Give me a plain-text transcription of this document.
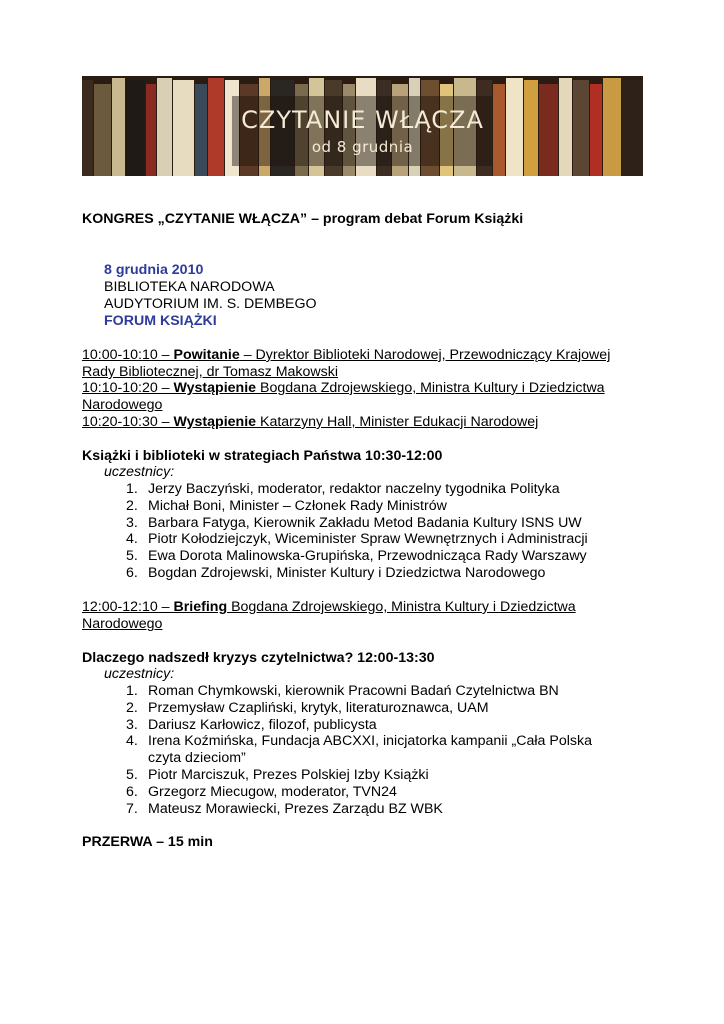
CZYTANIE WŁĄCZA
od 8 grudnia
KONGRES „CZYTANIE WŁĄCZA” – program debat Forum Książki
8 grudnia 2010
BIBLIOTEKA NARODOWA
AUDYTORIUM IM. S. DEMBEGO
FORUM KSIĄŻKI
10:00-10:10 – Powitanie – Dyrektor Biblioteki Narodowej, Przewodniczący Krajowej
Rady Bibliotecznej, dr Tomasz Makowski
10:10-10:20 – Wystąpienie Bogdana Zdrojewskiego, Ministra Kultury i Dziedzictwa
Narodowego
10:20-10:30 – Wystąpienie Katarzyny Hall, Minister Edukacji Narodowej
Książki i biblioteki w strategiach Państwa 10:30-12:00
uczestnicy:
1. Jerzy Baczyński, moderator, redaktor naczelny tygodnika Polityka
2. Michał Boni, Minister – Członek Rady Ministrów
3. Barbara Fatyga, Kierownik Zakładu Metod Badania Kultury ISNS UW
4. Piotr Kołodziejczyk, Wiceminister Spraw Wewnętrznych i Administracji
5. Ewa Dorota Malinowska-Grupińska, Przewodnicząca Rady Warszawy
6. Bogdan Zdrojewski, Minister Kultury i Dziedzictwa Narodowego
12:00-12:10 – Briefing Bogdana Zdrojewskiego, Ministra Kultury i Dziedzictwa
Narodowego
Dlaczego nadszedł kryzys czytelnictwa? 12:00-13:30
uczestnicy:
1. Roman Chymkowski, kierownik Pracowni Badań Czytelnictwa BN
2. Przemysław Czapliński, krytyk, literaturoznawca, UAM
3. Dariusz Karłowicz, filozof, publicysta
4. Irena Koźmińska, Fundacja ABCXXI, inicjatorka kampanii „Cała Polska
czyta dzieciom”
5. Piotr Marciszuk, Prezes Polskiej Izby Książki
6. Grzegorz Miecugow, moderator, TVN24
7. Mateusz Morawiecki, Prezes Zarządu BZ WBK
PRZERWA – 15 min
